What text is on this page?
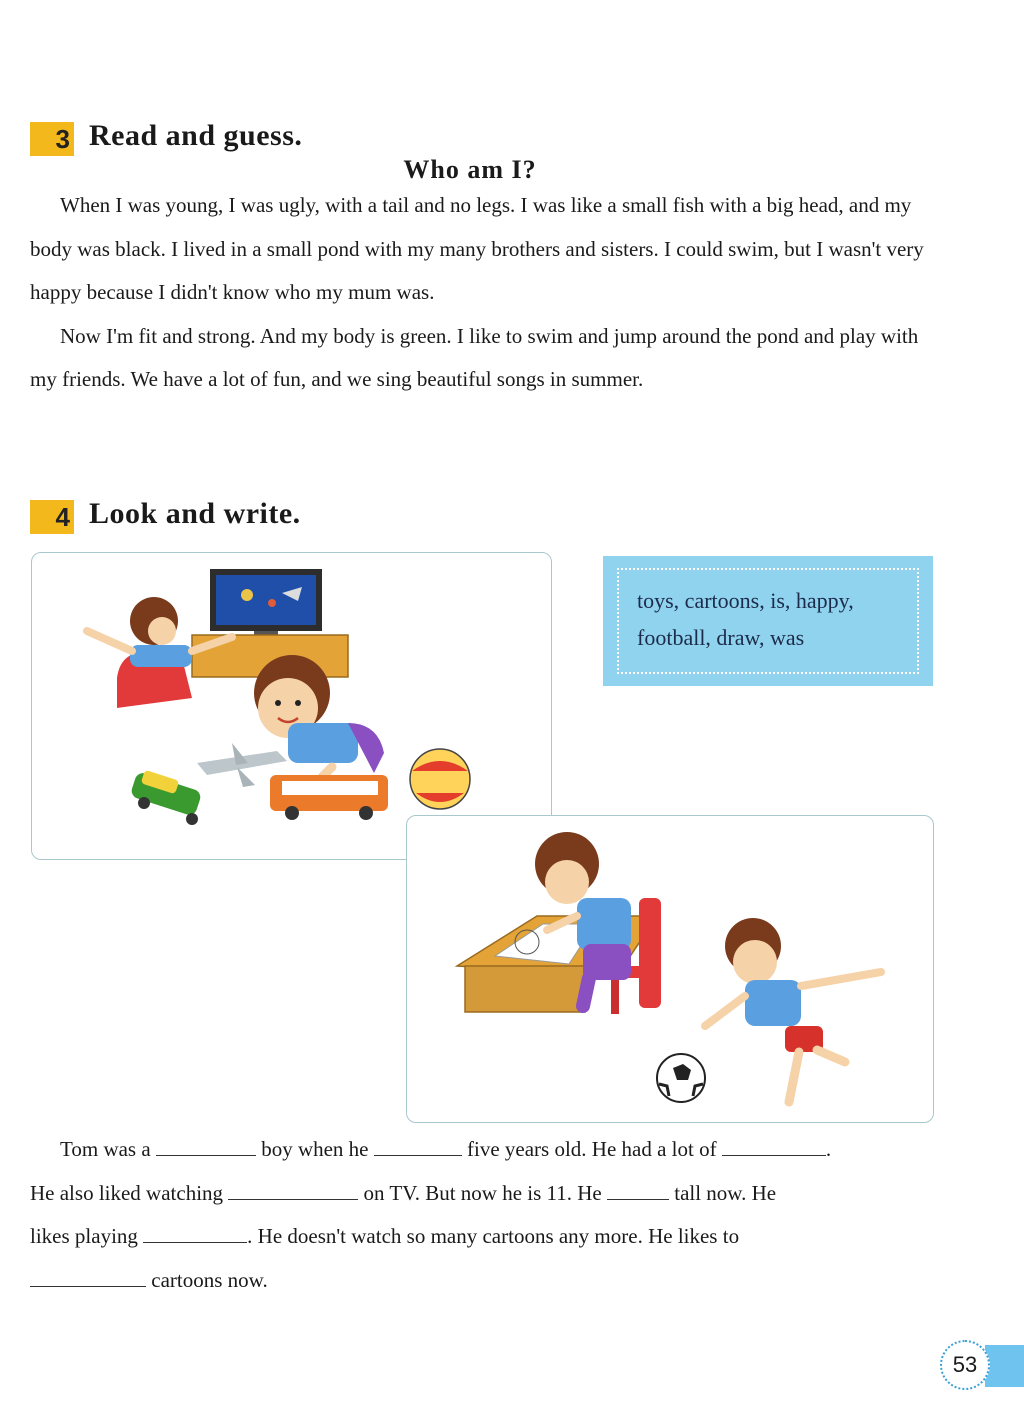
3 Read and guess.
Who am I?

When I was young, I was ugly, with a tail and no legs. I was like a small fish with a big head, and my body was black. I lived in a small pond with my many brothers and sisters. I could swim, but I wasn't very happy because I didn't know who my mum was.

Now I'm fit and strong. And my body is green. I like to swim and jump around the pond and play with my friends. We have a lot of fun, and we sing beautiful songs in summer.

4 Look and write.
toys, cartoons, is, happy,
football, draw, was
Tom was a	boy when he	five years old. He had a lot of	.
He also liked watching	on TV. But now he is 11. He	tall now. He
likes playing	. He doesn't watch so many cartoons any more. He likes to
cartoons now.
53
